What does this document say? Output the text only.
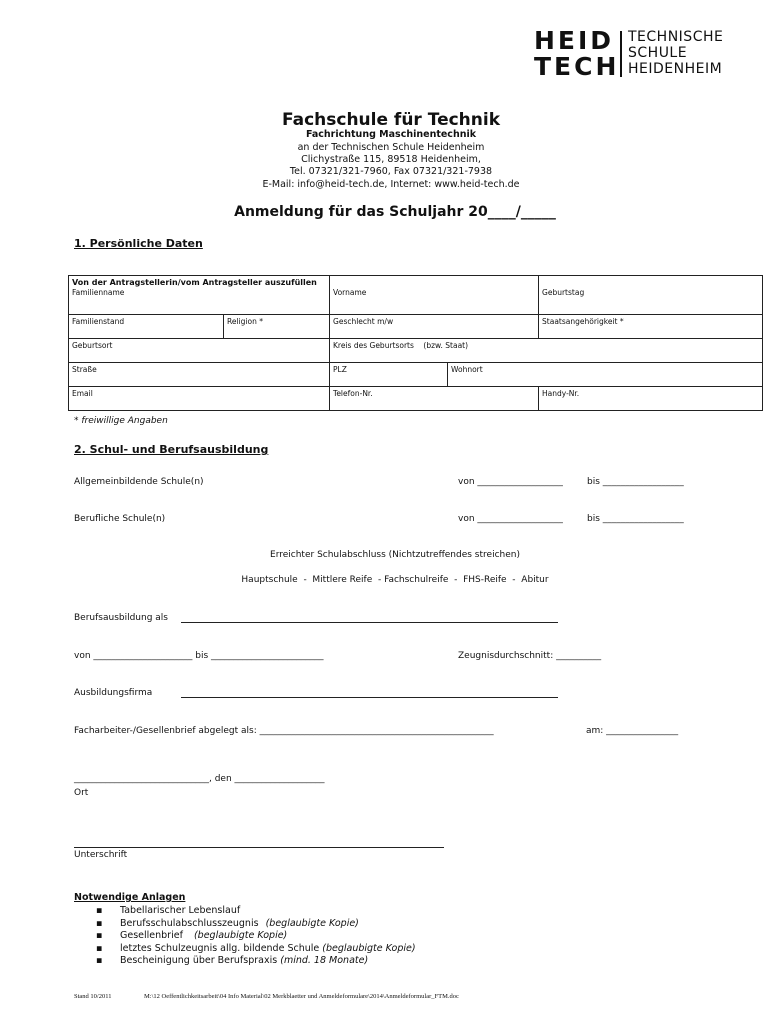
HEID
TECH
TECHNISCHE
SCHULE
HEIDENHEIM
Fachschule für Technik
Fachrichtung Maschinentechnik
an der Technischen Schule Heidenheim
Clichystraße 115, 89518 Heidenheim,
Tel. 07321/321-7960, Fax 07321/321-7938
E-Mail: info@heid-tech.de, Internet: www.heid-tech.de
Anmeldung für das Schuljahr 20____/_____
1. Persönliche Daten
Familienname		Vorname		Geburtstag
Familienstand	Religion *	Geschlecht m/w		Staatsangehörigkeit *
Geburtsort		Kreis des Geburtsorts    (bzw. Staat)		
Straße		PLZ	Wohnort	
Email		Telefon-Nr.		Handy-Nr.
Von der Antragstellerin/vom Antragsteller auszufüllen
* freiwillige Angaben
2. Schul- und Berufsausbildung
Allgemeinbildende Schule(n)	von ___________________	bis __________________
Berufliche Schule(n)	von ___________________	bis __________________
Erreichter Schulabschluss (Nichtzutreffendes streichen)
Hauptschule  -  Mittlere Reife  - Fachschulreife  -  FHS-Reife  -  Abitur
Berufsausbildung als
von ______________________ bis _________________________	Zeugnisdurchschnitt: __________
Ausbildungsfirma
Facharbeiter-/Gesellenbrief abgelegt als: ____________________________________________________	am: ________________
______________________________, den ____________________
Ort
Unterschrift
Notwendige Anlagen
▪ Tabellarischer Lebenslauf
▪ Berufsschulabschlusszeugnis (beglaubigte Kopie)
▪ Gesellenbrief (beglaubigte Kopie)
▪ letztes Schulzeugnis allg. bildende Schule (beglaubigte Kopie)
▪ Bescheinigung über Berufspraxis (mind. 18 Monate)
Stand 10/2011	M:\12 Oeffentlichkeitsarbeit\04 Info Material\02 Merkblaetter und Anmeldeformulare\2014\Anmeldeformular_FTM.doc
